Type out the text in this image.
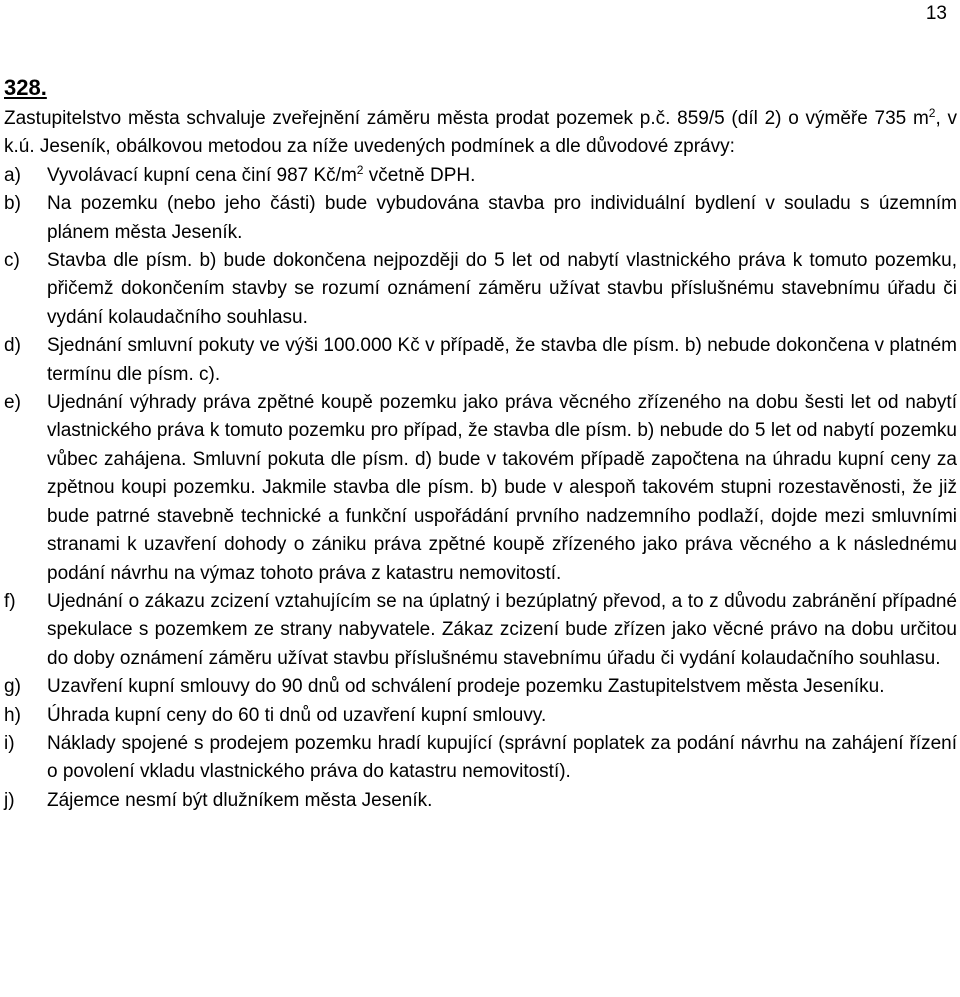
13

328.

Zastupitelstvo města schvaluje zveřejnění záměru města prodat pozemek p.č. 859/5 (díl 2) o výměře 735 $m^2$, v k.ú. Jeseník, obálkovou metodou za níže uvedených podmínek a dle důvodové zprávy:

a)	Vyvolávací kupní cena činí 987 $Kč/m^2$ včetně DPH.
b)	Na pozemku (nebo jeho části) bude vybudována stavba pro individuální bydlení v souladu s územním plánem města Jeseník.
c)	Stavba dle písm. b) bude dokončena nejpozději do 5 let od nabytí vlastnického práva k tomuto pozemku, přičemž dokončením stavby se rozumí oznámení záměru užívat stavbu příslušnému stavebnímu úřadu či vydání kolaudačního souhlasu.
d)	Sjednání smluvní pokuty ve výši 100.000 Kč v případě, že stavba dle písm. b) nebude dokončena v platném termínu dle písm. c).
e)	Ujednání výhrady práva zpětné koupě pozemku jako práva věcného zřízeného na dobu šesti let od nabytí vlastnického práva k tomuto pozemku pro případ, že stavba dle písm. b) nebude do 5 let od nabytí pozemku vůbec zahájena. Smluvní pokuta dle písm. d) bude v takovém případě započtena na úhradu kupní ceny za zpětnou koupi pozemku. Jakmile stavba dle písm. b) bude v alespoň takovém stupni rozestavěnosti, že již bude patrné stavebně technické a funkční uspořádání prvního nadzemního podlaží, dojde mezi smluvními stranami k uzavření dohody o zániku práva zpětné koupě zřízeného jako práva věcného a k následnému podání návrhu na výmaz tohoto práva z katastru nemovitostí.
f)	Ujednání o zákazu zcizení vztahujícím se na úplatný i bezúplatný převod, a to z důvodu zabránění případné spekulace s pozemkem ze strany nabyvatele. Zákaz zcizení bude zřízen jako věcné právo na dobu určitou do doby oznámení záměru užívat stavbu příslušnému stavebnímu úřadu či vydání kolaudačního souhlasu.
g)	Uzavření kupní smlouvy do 90 dnů od schválení prodeje pozemku Zastupitelstvem města Jeseníku.
h)	Úhrada kupní ceny do 60 ti dnů od uzavření kupní smlouvy.
i)	Náklady spojené s prodejem pozemku hradí kupující (správní poplatek za podání návrhu na zahájení řízení o povolení vkladu vlastnického práva do katastru nemovitostí).
j)	Zájemce nesmí být dlužníkem města Jeseník.
